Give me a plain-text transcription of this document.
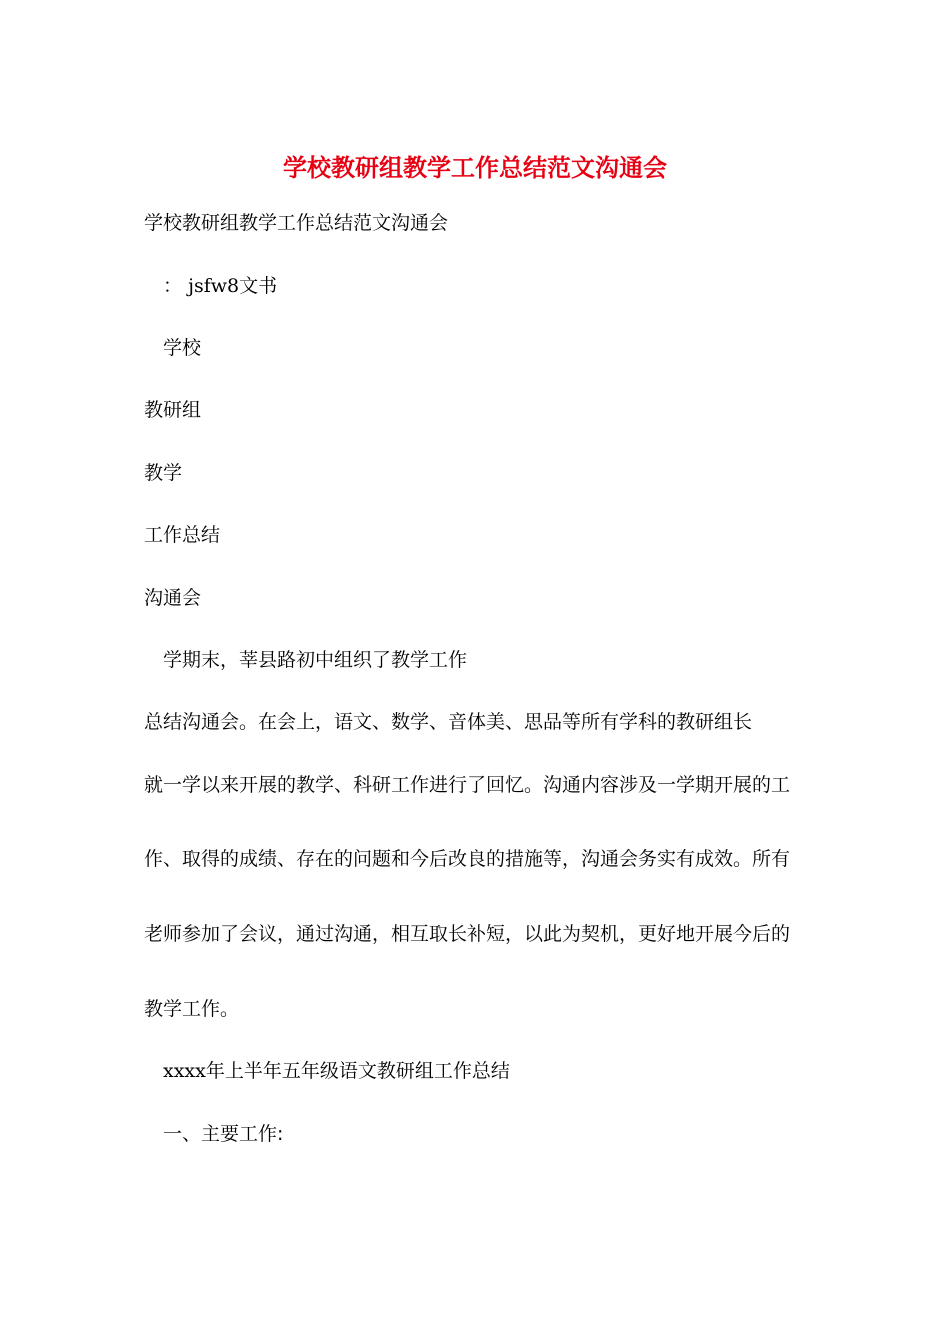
学校教研组教学工作总结范文沟通会
学校教研组教学工作总结范文沟通会
： jsfw8文书
学校
教研组
教学
工作总结
沟通会
学期末，莘县路初中组织了教学工作
总结沟通会。在会上，语文、数学、音体美、思品等所有学科的教研组长
就一学以来开展的教学、科研工作进行了回忆。沟通内容涉及一学期开展的工
作、取得的成绩、存在的问题和今后改良的措施等，沟通会务实有成效。所有
老师参加了会议，通过沟通，相互取长补短，以此为契机，更好地开展今后的
教学工作。
xxxx年上半年五年级语文教研组工作总结
一、主要工作:
